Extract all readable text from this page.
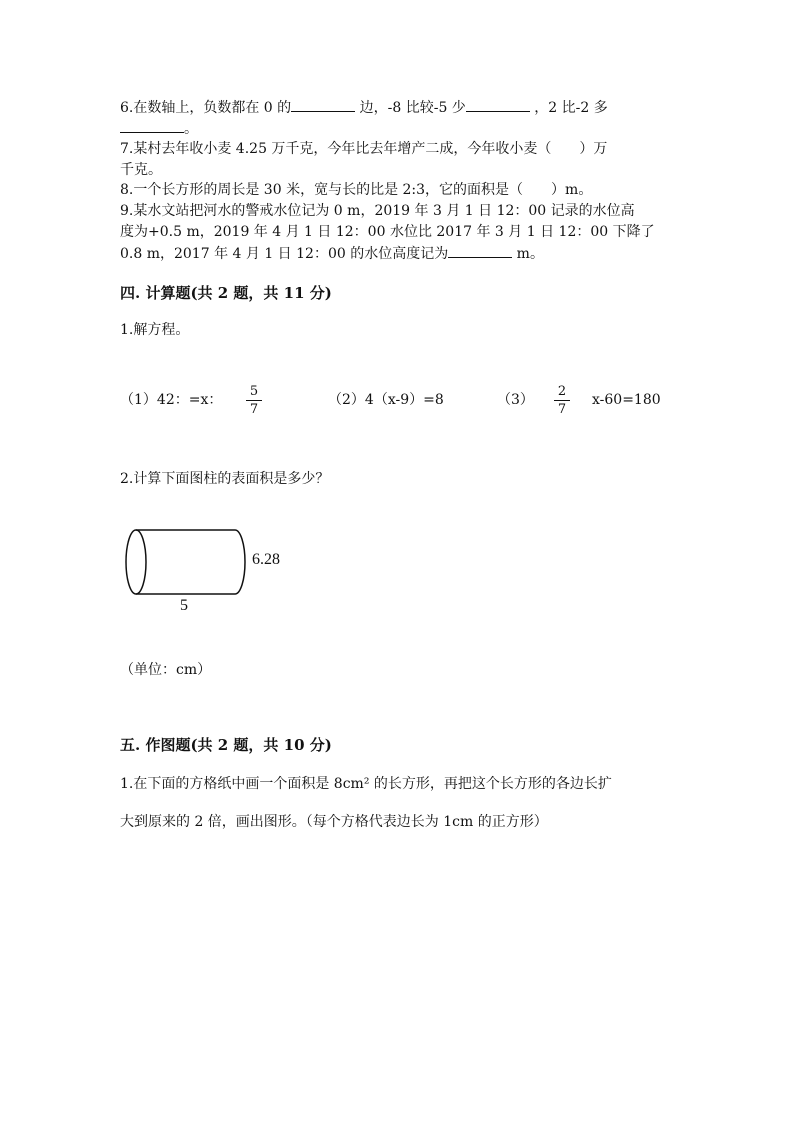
6.在数轴上，负数都在 0 的	边，-8 比较-5 少	，2 比-2 多
。
7.某村去年收小麦 4.25 万千克，今年比去年增产二成，今年收小麦（　　）万
千克。
8.一个长方形的周长是 30 米，宽与长的比是 2:3，它的面积是（　　）m。
9.某水文站把河水的警戒水位记为 0 m，2019 年 3 月 1 日 12：00 记录的水位高
度为+0.5 m，2019 年 4 月 1 日 12：00 水位比 2017 年 3 月 1 日 12：00 下降了
0.8 m，2017 年 4 月 1 日 12：00 的水位高度记为	m。
四. 计算题(共 2 题，共 11 分)
1.解方程。
（1）42：=x：
5
7
（2）4（x-9）=8	（3）
2
7
x-60=180
2.计算下面图柱的表面积是多少？
6.28
5
（单位：cm）
五. 作图题(共 2 题，共 10 分)
1.在下面的方格纸中画一个面积是 8cm² 的长方形，再把这个长方形的各边长扩
大到原来的 2 倍，画出图形。（每个方格代表边长为 1cm 的正方形）
